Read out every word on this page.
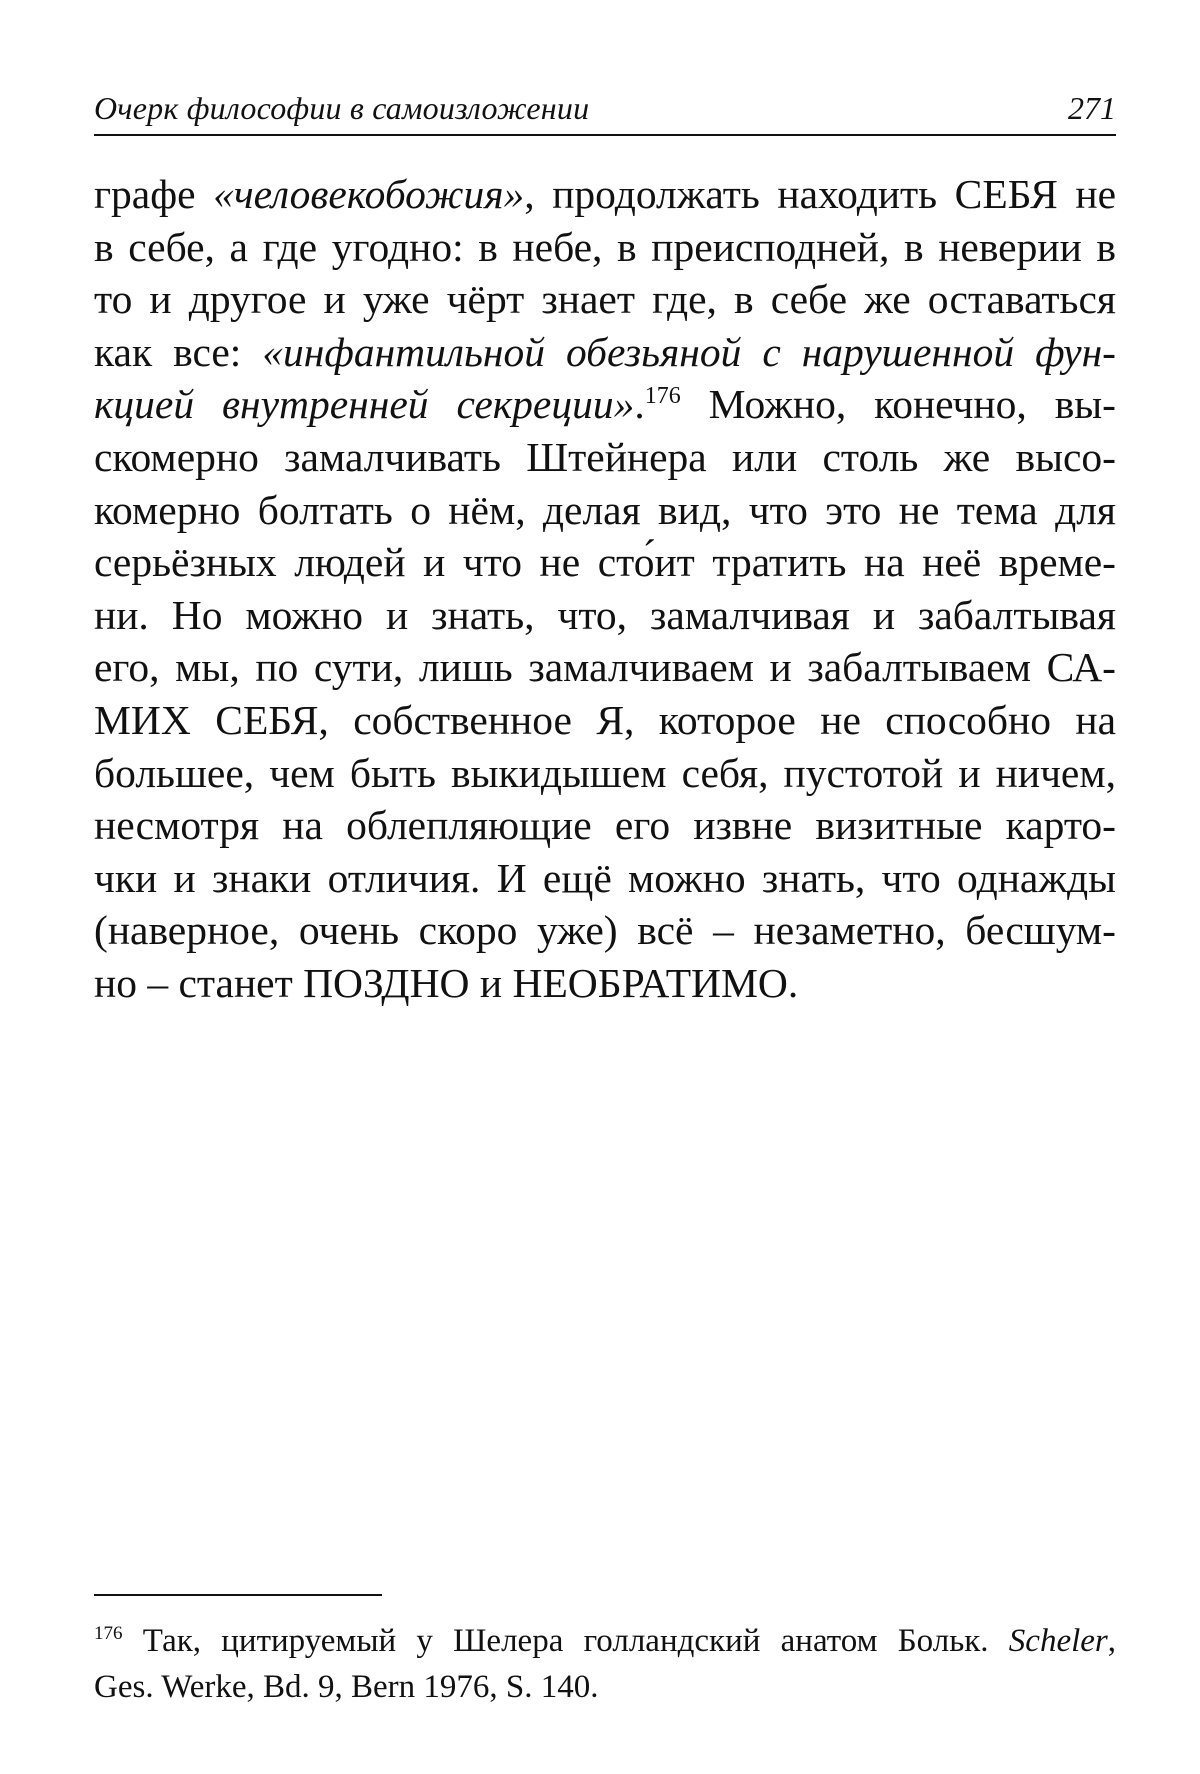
Очерк философии в самоизложении	271
графе «человекобожия», продолжать находить СЕБЯ не
в себе, а где угодно: в небе, в преисподней, в неверии в
то и другое и уже чёрт знает где, в себе же оставаться
как все: «инфантильной обезьяной с нарушенной фун-
кцией внутренней секреции».$^{176}$ Можно, конечно, вы-
скомерно замалчивать Штейнера или столь же высо-
комерно болтать о нём, делая вид, что это не тема для
серьёзных людей и что не сто́ит тратить на неё време-
ни. Но можно и знать, что, замалчивая и забалтывая
его, мы, по сути, лишь замалчиваем и забалтываем СА-
МИХ СЕБЯ, собственное Я, которое не способно на
большее, чем быть выкидышем себя, пустотой и ничем,
несмотря на облепляющие его извне визитные карто-
чки и знаки отличия. И ещё можно знать, что однажды
(наверное, очень скоро уже) всё – незаметно, бесшум-
но – станет ПОЗДНО и НЕОБРАТИМО.
$^{176}$ Так, цитируемый у Шелера голландский анатом Больк. Scheler,
Ges. Werke, Bd. 9, Bern 1976, S. 140.
